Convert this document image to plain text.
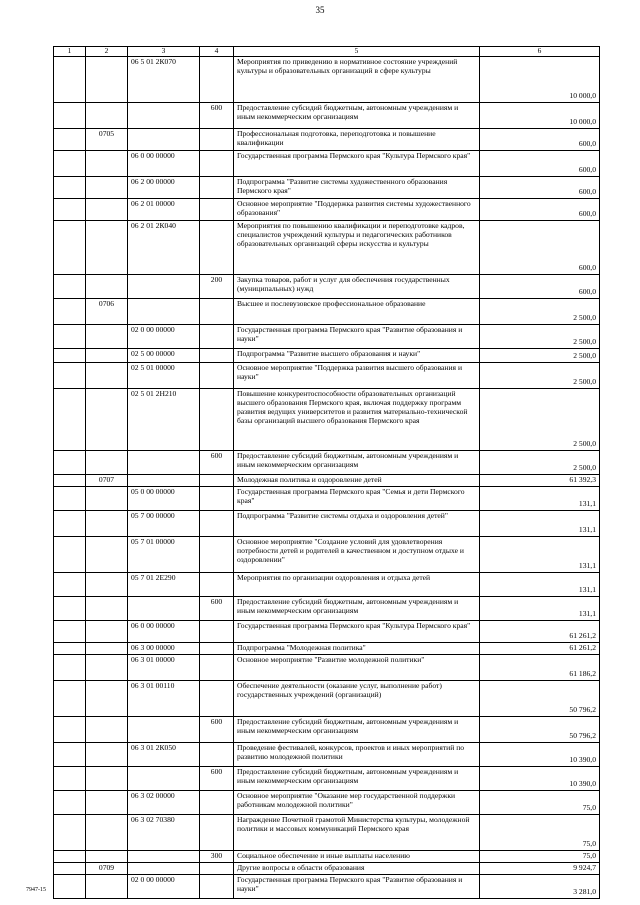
35
1	2	3	4	5	6
		06 5 01 2К070		Мероприятия по приведению в нормативное состояние учреждений культуры и образовательных организаций в сфере культуры	10 000,0
			600	Предоставление субсидий бюджетным, автономным учреждениям и иным некоммерческим организациям	10 000,0
	0705			Профессиональная подготовка, переподготовка и повышение квалификации	600,0
		06 0 00 00000		Государственная программа Пермского края "Культура Пермского края"	600,0
		06 2 00 00000		Подпрограмма "Развитие системы художественного образования Пермского края"	600,0
		06 2 01 00000		Основное мероприятие "Поддержка развития системы художественного образования"	600,0
		06 2 01 2К040		Мероприятия по повышению квалификации и переподготовке кадров, специалистов учреждений культуры и педагогических работников образовательных организаций сферы искусства и культуры	600,0
			200	Закупка товаров, работ и услуг для обеспечения государственных (муниципальных) нужд	600,0
	0706			Высшее и послевузовское профессиональное образование	2 500,0
		02 0 00 00000		Государственная программа Пермского края "Развитие образования и науки"	2 500,0
		02 5 00 00000		Подпрограмма "Развитие высшего образования и науки"	2 500,0
		02 5 01 00000		Основное мероприятие "Поддержка развития высшего образования и науки"	2 500,0
		02 5 01 2Н210		Повышение конкурентоспособности образовательных организаций высшего образования Пермского края, включая поддержку программ развития ведущих университетов и развития материально-технической базы организаций высшего образования Пермского края	2 500,0
			600	Предоставление субсидий бюджетным, автономным учреждениям и иным некоммерческим организациям	2 500,0
	0707			Молодежная политика и оздоровление детей	61 392,3
		05 0 00 00000		Государственная программа Пермского края "Семья и дети Пермского края"	131,1
		05 7 00 00000		Подпрограмма "Развитие системы отдыха и оздоровления детей"	131,1
		05 7 01 00000		Основное мероприятие "Создание условий для удовлетворения потребности детей и родителей в качественном и доступном отдыхе и оздоровлении"	131,1
		05 7 01 2Е290		Мероприятия по организации оздоровления и отдыха детей	131,1
			600	Предоставление субсидий бюджетным, автономным учреждениям и иным некоммерческим организациям	131,1
		06 0 00 00000		Государственная программа Пермского края "Культура Пермского края"	61 261,2
		06 3 00 00000		Подпрограмма "Молодежная политика"	61 261,2
		06 3 01 00000		Основное мероприятие "Развитие молодежной политики"	61 186,2
		06 3 01 00110		Обеспечение деятельности (оказание услуг, выполнение работ) государственных учреждений (организаций)	50 796,2
			600	Предоставление субсидий бюджетным, автономным учреждениям и иным некоммерческим организациям	50 796,2
		06 3 01 2К050		Проведение фестивалей, конкурсов, проектов и иных мероприятий по развитию молодежной политики	10 390,0
			600	Предоставление субсидий бюджетным, автономным учреждениям и иным некоммерческим организациям	10 390,0
		06 3 02 00000		Основное мероприятие "Оказание мер государственной поддержки работникам молодежной политики"	75,0
		06 3 02 70380		Награждение Почетной грамотой Министерства культуры, молодежной политики и массовых коммуникаций Пермского края	75,0
			300	Социальное обеспечение и иные выплаты населению	75,0
	0709			Другие вопросы в области образования	9 924,7
		02 0 00 00000		Государственная программа Пермского края "Развитие образования и науки"	3 281,0
7947-15
